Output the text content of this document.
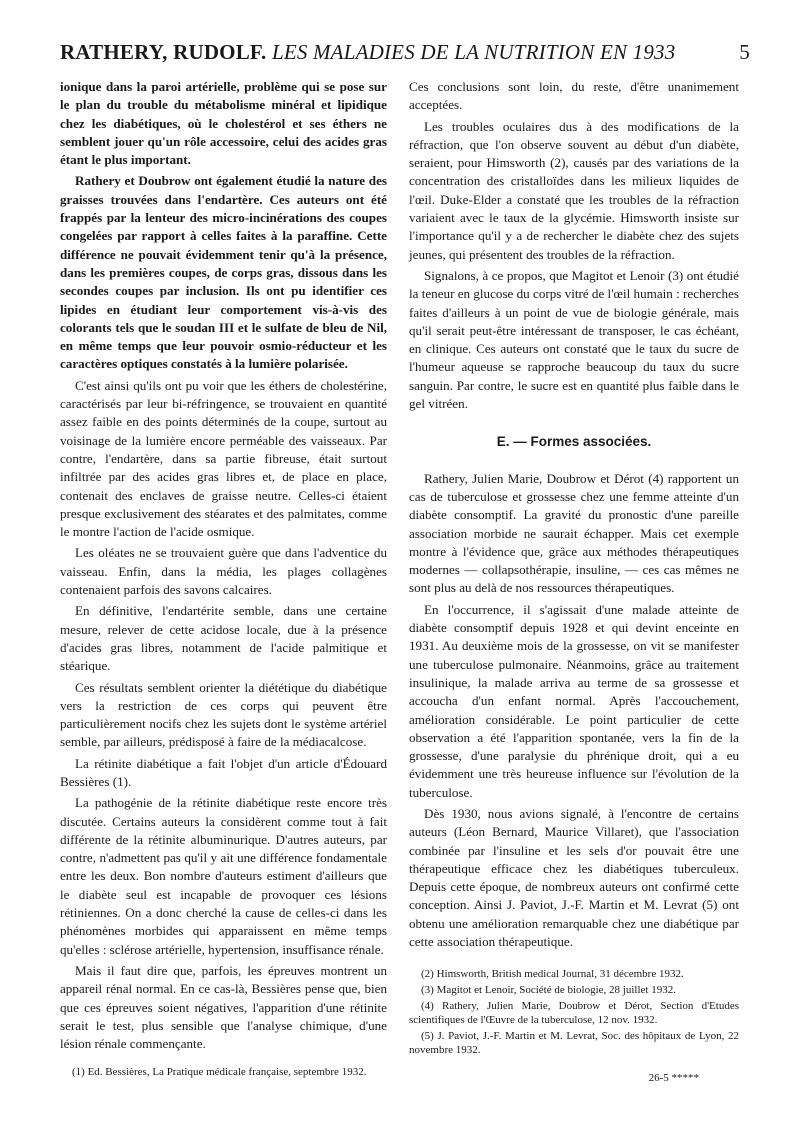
RATHERY, RUDOLF. LES MALADIES DE LA NUTRITION EN 1933	5

ionique dans la paroi artérielle, problème qui se pose sur le plan du trouble du métabolisme minéral et lipidique chez les diabétiques, où le cholestérol et ses éthers ne semblent jouer qu'un rôle accessoire, celui des acides gras étant le plus important.

Rathery et Doubrow ont également étudié la nature des graisses trouvées dans l'endartère. Ces auteurs ont été frappés par la lenteur des micro-incinérations des coupes congelées par rapport à celles faites à la paraffine. Cette différence ne pouvait évidemment tenir qu'à la présence, dans les premières coupes, de corps gras, dissous dans les secondes coupes par inclusion. Ils ont pu identifier ces lipides en étudiant leur comportement vis-à-vis des colorants tels que le soudan III et le sulfate de bleu de Nil, en même temps que leur pouvoir osmio-réducteur et les caractères optiques constatés à la lumière polarisée.

C'est ainsi qu'ils ont pu voir que les éthers de cholestérine, caractérisés par leur bi-réfringence, se trouvaient en quantité assez faible en des points déterminés de la coupe, surtout au voisinage de la lumière encore perméable des vaisseaux. Par contre, l'endartère, dans sa partie fibreuse, était surtout infiltrée par des acides gras libres et, de place en place, contenait des enclaves de graisse neutre. Celles-ci étaient presque exclusivement des stéarates et des palmitates, comme le montre l'action de l'acide osmique.

Les oléates ne se trouvaient guère que dans l'adventice du vaisseau. Enfin, dans la média, les plages collagènes contenaient parfois des savons calcaires.

En définitive, l'endartérite semble, dans une certaine mesure, relever de cette acidose locale, due à la présence d'acides gras libres, notamment de l'acide palmitique et stéarique.

Ces résultats semblent orienter la diététique du diabétique vers la restriction de ces corps qui peuvent être particulièrement nocifs chez les sujets dont le système artériel semble, par ailleurs, prédisposé à faire de la médiacalcose.

La rétinite diabétique a fait l'objet d'un article d'Édouard Bessières (1).

La pathogénie de la rétinite diabétique reste encore très discutée. Certains auteurs la considèrent comme tout à fait différente de la rétinite albuminurique. D'autres auteurs, par contre, n'admettent pas qu'il y ait une différence fondamentale entre les deux. Bon nombre d'auteurs estiment d'ailleurs que le diabète seul est incapable de provoquer ces lésions rétiniennes. On a donc cherché la cause de celles-ci dans les phénomènes morbides qui apparaissent en même temps qu'elles : sclérose artérielle, hypertension, insuffisance rénale.

Mais il faut dire que, parfois, les épreuves montrent un appareil rénal normal. En ce cas-là, Bessières pense que, bien que ces épreuves soient négatives, l'apparition d'une rétinite serait le test, plus sensible que l'analyse chimique, d'une lésion rénale commençante.

(1) Ed. Bessières, La Pratique médicale française, septembre 1932.

Ces conclusions sont loin, du reste, d'être unanimement acceptées.

Les troubles oculaires dus à des modifications de la réfraction, que l'on observe souvent au début d'un diabète, seraient, pour Himsworth (2), causés par des variations de la concentration des cristalloïdes dans les milieux liquides de l'œil. Duke-Elder a constaté que les troubles de la réfraction variaient avec le taux de la glycémie. Himsworth insiste sur l'importance qu'il y a de rechercher le diabète chez des sujets jeunes, qui présentent des troubles de la réfraction.

Signalons, à ce propos, que Magitot et Lenoir (3) ont étudié la teneur en glucose du corps vitré de l'œil humain : recherches faites d'ailleurs à un point de vue de biologie générale, mais qu'il serait peut-être intéressant de transposer, le cas échéant, en clinique. Ces auteurs ont constaté que le taux du sucre de l'humeur aqueuse se rapproche beaucoup du taux du sucre sanguin. Par contre, le sucre est en quantité plus faible dans le gel vitréen.

E. — Formes associées.

Rathery, Julien Marie, Doubrow et Dérot (4) rapportent un cas de tuberculose et grossesse chez une femme atteinte d'un diabète consomptif. La gravité du pronostic d'une pareille association morbide ne saurait échapper. Mais cet exemple montre à l'évidence que, grâce aux méthodes thérapeutiques modernes — collapsothérapie, insuline, — ces cas mêmes ne sont plus au delà de nos ressources thérapeutiques.

En l'occurrence, il s'agissait d'une malade atteinte de diabète consomptif depuis 1928 et qui devint enceinte en 1931. Au deuxième mois de la grossesse, on vit se manifester une tuberculose pulmonaire. Néanmoins, grâce au traitement insulinique, la malade arriva au terme de sa grossesse et accoucha d'un enfant normal. Après l'accouchement, amélioration considérable. Le point particulier de cette observation a été l'apparition spontanée, vers la fin de la grossesse, d'une paralysie du phrénique droit, qui a eu évidemment une très heureuse influence sur l'évolution de la tuberculose.

Dès 1930, nous avions signalé, à l'encontre de certains auteurs (Léon Bernard, Maurice Villaret), que l'association combinée par l'insuline et les sels d'or pouvait être une thérapeutique efficace chez les diabétiques tuberculeux. Depuis cette époque, de nombreux auteurs ont confirmé cette conception. Ainsi J. Paviot, J.-F. Martin et M. Levrat (5) ont obtenu une amélioration remarquable chez une diabétique par cette association thérapeutique.

(2) Himsworth, British medical Journal, 31 décembre 1932.

(3) Magitot et Lenoir, Société de biologie, 28 juillet 1932.

(4) Rathery, Julien Marie, Doubrow et Dérot, Section d'Etudes scientifiques de l'Œuvre de la tuberculose, 12 nov. 1932.

(5) J. Paviot, J.-F. Martin et M. Levrat, Soc. des hôpitaux de Lyon, 22 novembre 1932.

26-5 *****
